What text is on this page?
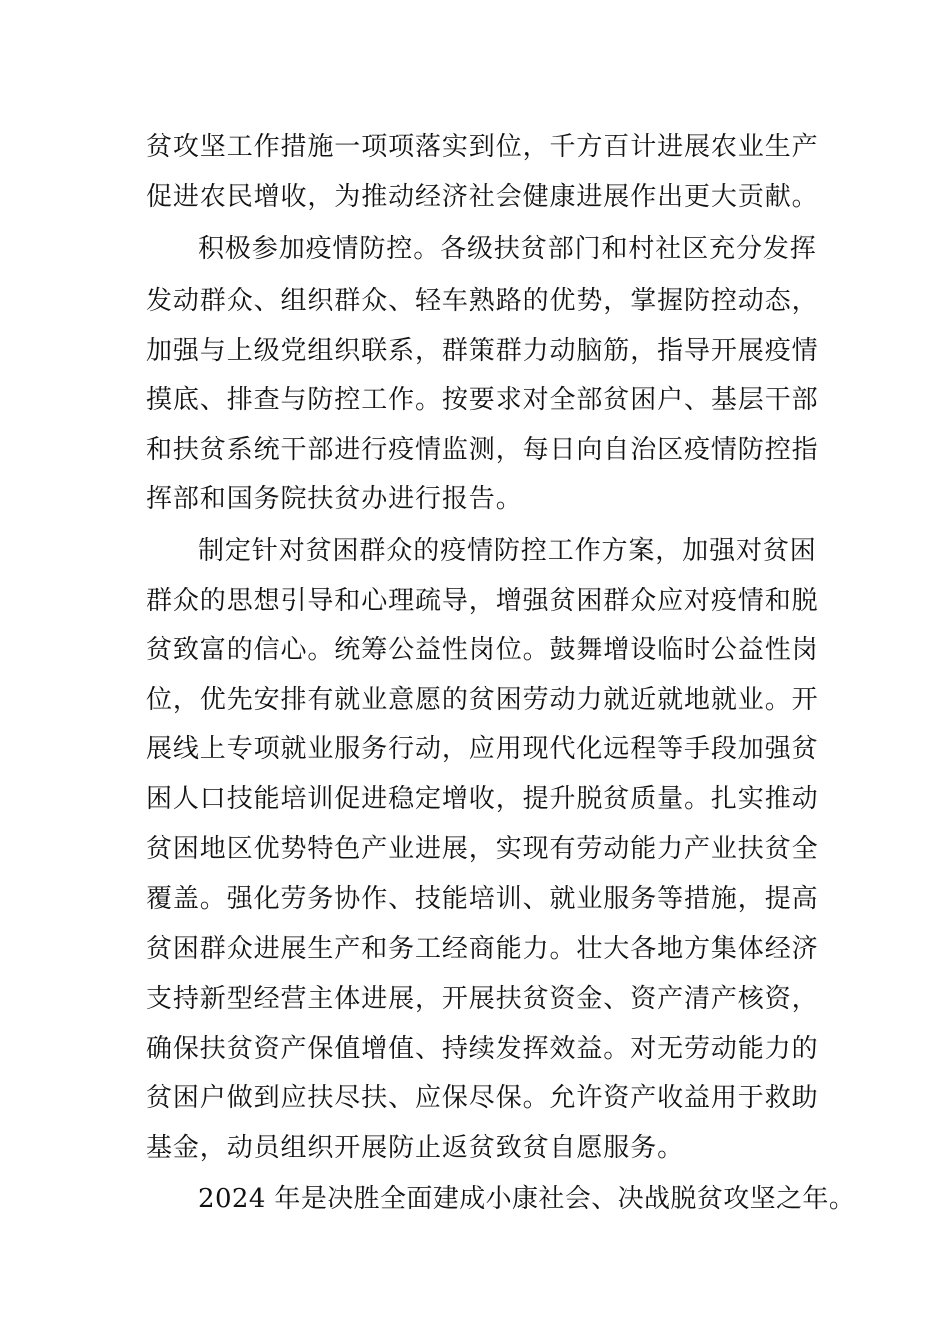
贫攻坚工作措施一项项落实到位，千方百计进展农业生产
促进农民增收，为推动经济社会健康进展作出更大贡献。
积极参加疫情防控。各级扶贫部门和村社区充分发挥
发动群众、组织群众、轻车熟路的优势，掌握防控动态，
加强与上级党组织联系，群策群力动脑筋，指导开展疫情
摸底、排查与防控工作。按要求对全部贫困户、基层干部
和扶贫系统干部进行疫情监测，每日向自治区疫情防控指
挥部和国务院扶贫办进行报告。
制定针对贫困群众的疫情防控工作方案，加强对贫困
群众的思想引导和心理疏导，增强贫困群众应对疫情和脱
贫致富的信心。统筹公益性岗位。鼓舞增设临时公益性岗
位，优先安排有就业意愿的贫困劳动力就近就地就业。开
展线上专项就业服务行动，应用现代化远程等手段加强贫
困人口技能培训促进稳定增收，提升脱贫质量。扎实推动
贫困地区优势特色产业进展，实现有劳动能力产业扶贫全
覆盖。强化劳务协作、技能培训、就业服务等措施，提高
贫困群众进展生产和务工经商能力。壮大各地方集体经济
支持新型经营主体进展，开展扶贫资金、资产清产核资，
确保扶贫资产保值增值、持续发挥效益。对无劳动能力的
贫困户做到应扶尽扶、应保尽保。允许资产收益用于救助
基金，动员组织开展防止返贫致贫自愿服务。
2024 年是决胜全面建成小康社会、决战脱贫攻坚之年。
